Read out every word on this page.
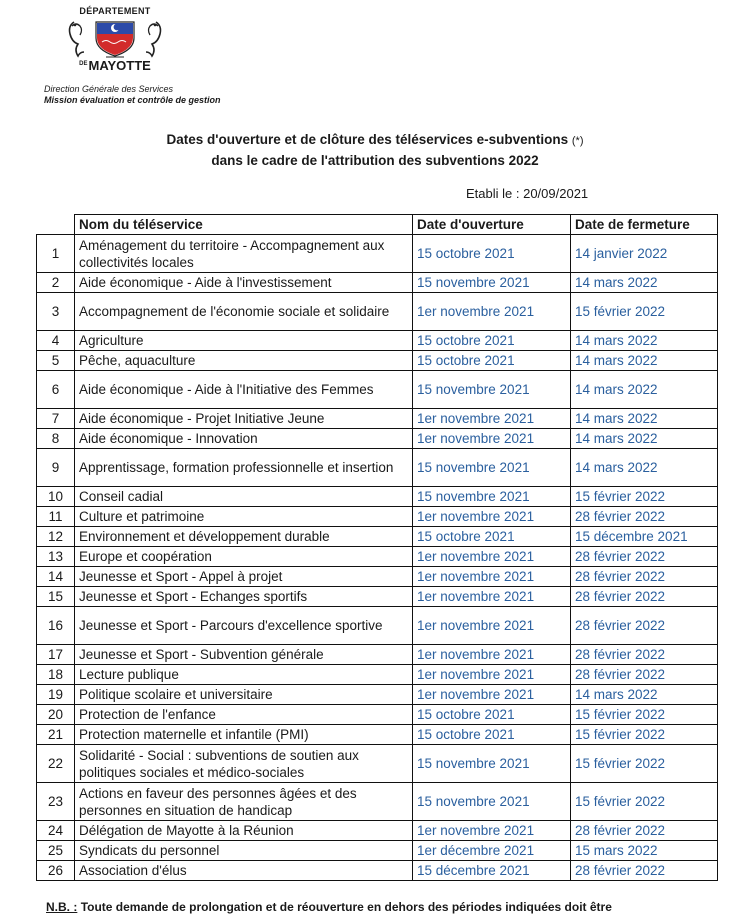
DÉPARTEMENT
$^{DE}$MAYOTTE
Direction Générale des Services
Mission évaluation et contrôle de gestion
Dates d'ouverture et de clôture des téléservices e-subventions (*)
dans le cadre de l'attribution des subventions 2022
Etabli le : 20/09/2021
	Nom du téléservice	Date d'ouverture	Date de fermeture
1	Aménagement du territoire - Accompagnement aux collectivités locales	15 octobre 2021	14 janvier 2022
2	Aide économique - Aide à l'investissement	15 novembre 2021	14 mars 2022
3	Accompagnement de l'économie sociale et solidaire	1er novembre 2021	15 février 2022
4	Agriculture	15 octobre 2021	14 mars 2022
5	Pêche, aquaculture	15 octobre 2021	14 mars 2022
6	Aide économique - Aide à l'Initiative des Femmes	15 novembre 2021	14 mars 2022
7	Aide économique - Projet Initiative Jeune	1er novembre 2021	14 mars 2022
8	Aide économique - Innovation	1er novembre 2021	14 mars 2022
9	Apprentissage, formation professionnelle et insertion	15 novembre 2021	14 mars 2022
10	Conseil cadial	15 novembre 2021	15 février 2022
11	Culture et patrimoine	1er novembre 2021	28 février 2022
12	Environnement et développement durable	15 octobre 2021	15 décembre 2021
13	Europe et coopération	1er novembre 2021	28 février 2022
14	Jeunesse et Sport - Appel à projet	1er novembre 2021	28 février 2022
15	Jeunesse et Sport - Echanges sportifs	1er novembre 2021	28 février 2022
16	Jeunesse et Sport - Parcours d'excellence sportive	1er novembre 2021	28 février 2022
17	Jeunesse et Sport - Subvention générale	1er novembre 2021	28 février 2022
18	Lecture publique	1er novembre 2021	28 février 2022
19	Politique scolaire et universitaire	1er novembre 2021	14 mars 2022
20	Protection de l'enfance	15 octobre 2021	15 février 2022
21	Protection maternelle et infantile (PMI)	15 octobre 2021	15 février 2022
22	Solidarité - Social : subventions de soutien aux politiques sociales et médico-sociales	15 novembre 2021	15 février 2022
23	Actions en faveur des personnes âgées et des personnes en situation de handicap	15 novembre 2021	15 février 2022
24	Délégation de Mayotte à la Réunion	1er novembre 2021	28 février 2022
25	Syndicats du personnel	1er décembre 2021	15 mars 2022
26	Association d'élus	15 décembre 2021	28 février 2022
N.B. : Toute demande de prolongation et de réouverture en dehors des périodes indiquées doit être
